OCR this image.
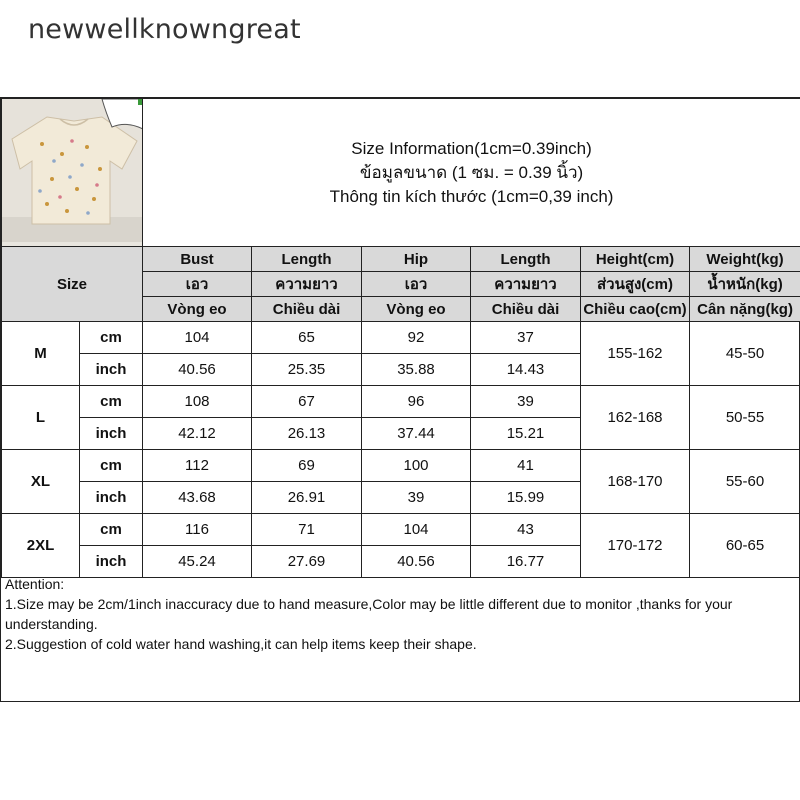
newwellknowngreat

Size Information(1cm=0.39inch)
ข้อมูลขนาด (1 ซม. = 0.39 นิ้ว)
Thông tin kích thước (1cm=0,39 inch)					

Size		Bust	Length	Hip	Length	Height(cm)	Weight(kg)
		เอว	ความยาว	เอว	ความยาว	ส่วนสูง(cm)	น้ำหนัก(kg)
		Vòng eo	Chiều dài	Vòng eo	Chiều dài	Chiều cao(cm)	Cân nặng(kg)
M	cm	104	65	92	37	155-162	45-50
	inch	40.56	25.35	35.88	14.43		
L	cm	108	67	96	39	162-168	50-55
	inch	42.12	26.13	37.44	15.21		
XL	cm	112	69	100	41	168-170	55-60
	inch	43.68	26.91	39	15.99		
2XL	cm	116	71	104	43	170-172	60-65
	inch	45.24	27.69	40.56	16.77		
Attention:
1.Size may be 2cm/1inch inaccuracy due to hand measure,Color may be little different due to monitor ,thanks for your understanding.
2.Suggestion of cold water hand washing,it can help items keep their shape.
